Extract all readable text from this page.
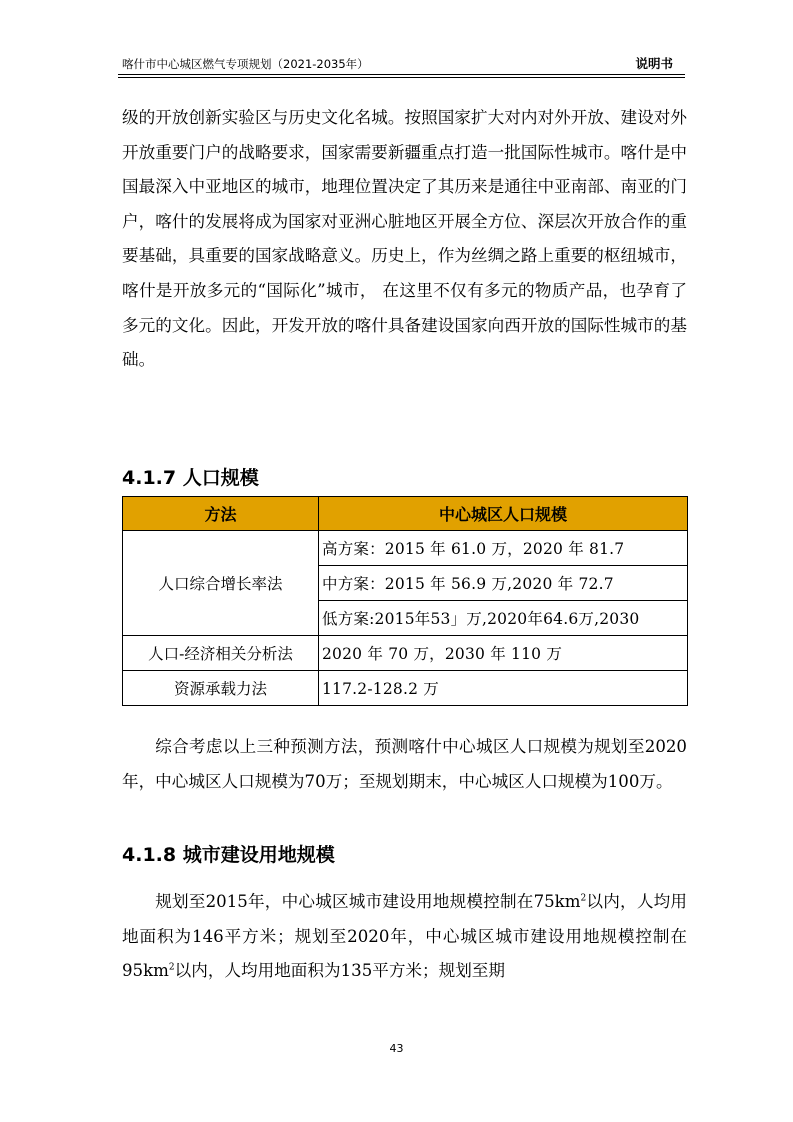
喀什市中心城区燃气专项规划（2021-2035年）	说明书

级的开放创新实验区与历史文化名城。按照国家扩大对内对外开放、建设对外开放重要门户的战略要求，国家需要新疆重点打造一批国际性城市。喀什是中国最深入中亚地区的城市，地理位置决定了其历来是通往中亚南部、南亚的门户，喀什的发展将成为国家对亚洲心脏地区开展全方位、深层次开放合作的重要基础，具重要的国家战略意义。历史上，作为丝绸之路上重要的枢纽城市，喀什是开放多元的“国际化”城市， 在这里不仅有多元的物质产品，也孕育了多元的文化。因此，开发开放的喀什具备建设国家向西开放的国际性城市的基础。

4.1.7 人口规模
方法	中心城区人口规模
人口综合增长率法	高方案：2015 年 61.0 万，2020 年 81.7
	中方案：2015 年 56.9 万,2020 年 72.7
	低方案:2015年53」万,2020年64.6万,2030
人口-经济相关分析法	2020 年 70 万，2030 年 110 万
资源承载力法	117.2-128.2 万

综合考虑以上三种预测方法，预测喀什中心城区人口规模为规划至2020年，中心城区人口规模为70万；至规划期末，中心城区人口规模为100万。

4.1.8 城市建设用地规模

规划至2015年，中心城区城市建设用地规模控制在$75km^2$以内，人均用地面积为146平方米；规划至2020年，中心城区城市建设用地规模控制在$95km^2$以内，人均用地面积为135平方米；规划至期

43
